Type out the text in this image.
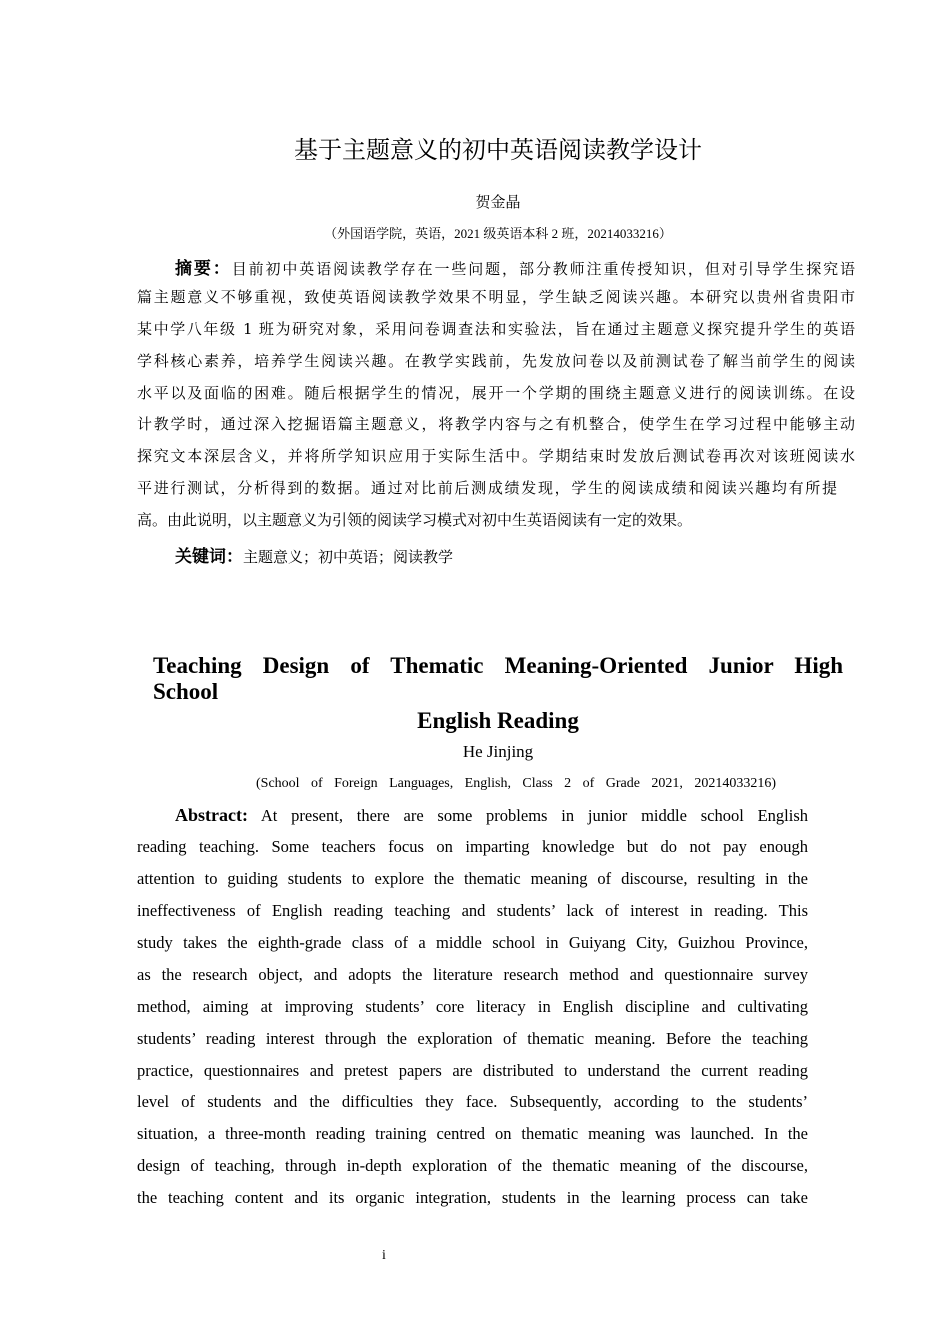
基于主题意义的初中英语阅读教学设计
贺金晶
（外国语学院，英语，2021 级英语本科 2 班，20214033216）
摘要：目前初中英语阅读教学存在一些问题，部分教师注重传授知识，但对引导学生探究语
篇主题意义不够重视，致使英语阅读教学效果不明显，学生缺乏阅读兴趣。本研究以贵州省贵阳市
某中学八年级 1 班为研究对象，采用问卷调查法和实验法，旨在通过主题意义探究提升学生的英语
学科核心素养，培养学生阅读兴趣。在教学实践前，先发放问卷以及前测试卷了解当前学生的阅读
水平以及面临的困难。随后根据学生的情况，展开一个学期的围绕主题意义进行的阅读训练。在设
计教学时，通过深入挖掘语篇主题意义，将教学内容与之有机整合，使学生在学习过程中能够主动
探究文本深层含义，并将所学知识应用于实际生活中。学期结束时发放后测试卷再次对该班阅读水
平进行测试，分析得到的数据。通过对比前后测成绩发现，学生的阅读成绩和阅读兴趣均有所提
高。由此说明，以主题意义为引领的阅读学习模式对初中生英语阅读有一定的效果。
关键词：主题意义；初中英语；阅读教学
Teaching Design of Thematic Meaning-Oriented Junior High School
English Reading
He Jinjing
(School of Foreign Languages, English, Class 2 of Grade 2021, 20214033216)
Abstract: At present, there are some problems in junior middle school English
reading teaching. Some teachers focus on imparting knowledge but do not pay enough
attention to guiding students to explore the thematic meaning of discourse, resulting in the
ineffectiveness of English reading teaching and students’ lack of interest in reading. This
study takes the eighth-grade class of a middle school in Guiyang City, Guizhou Province,
as the research object, and adopts the literature research method and questionnaire survey
method, aiming at improving students’ core literacy in English discipline and cultivating
students’ reading interest through the exploration of thematic meaning. Before the teaching
practice, questionnaires and pretest papers are distributed to understand the current reading
level of students and the difficulties they face. Subsequently, according to the students’
situation, a three-month reading training centred on thematic meaning was launched. In the
design of teaching, through in-depth exploration of the thematic meaning of the discourse,
the teaching content and its organic integration, students in the learning process can take
i
